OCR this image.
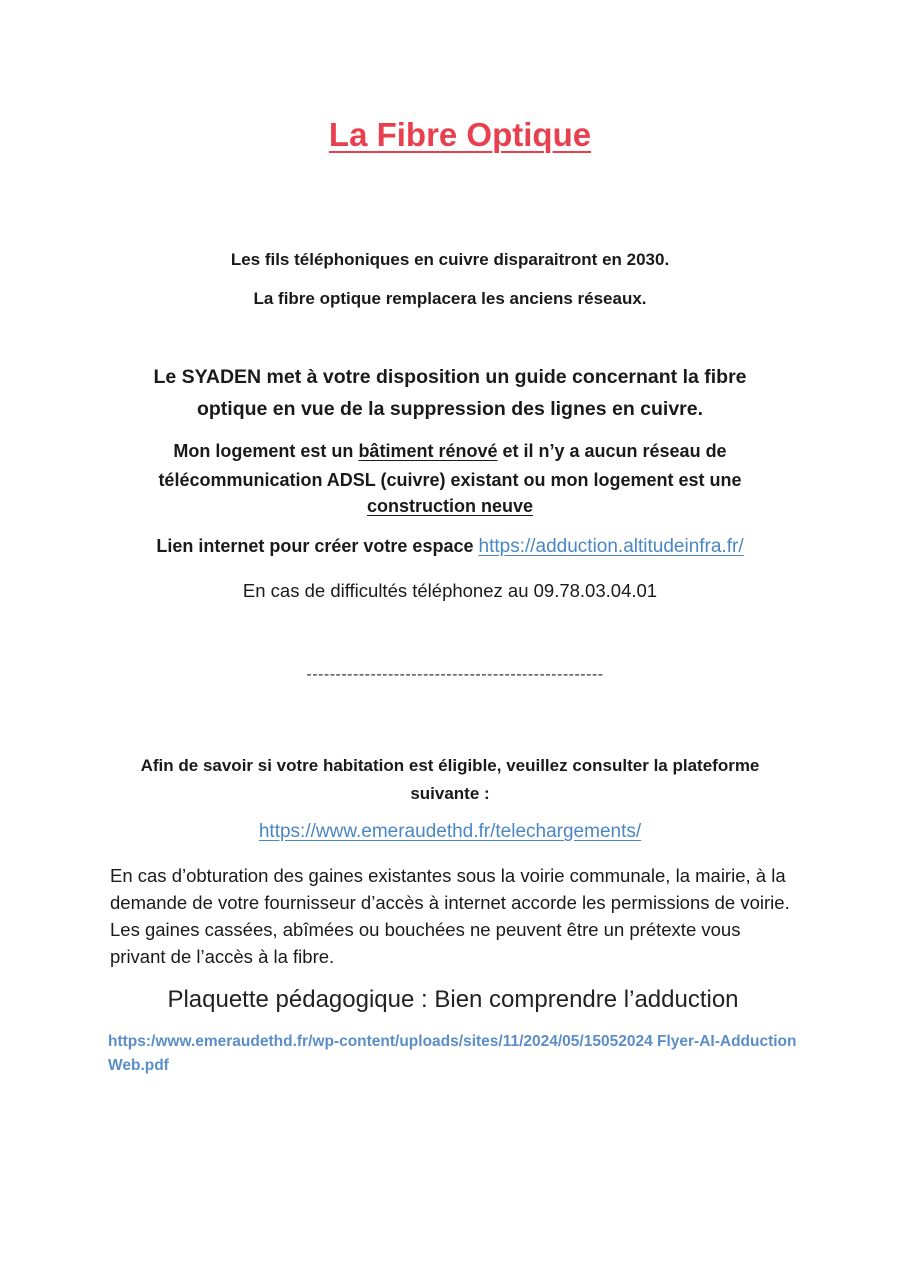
La Fibre Optique
Les fils téléphoniques en cuivre disparaitront en 2030.
La fibre optique remplacera les anciens réseaux.
Le SYADEN met à votre disposition un guide concernant la fibre
optique en vue de la suppression des lignes en cuivre.
Mon logement est un bâtiment rénové et il n’y a aucun réseau de
télécommunication ADSL (cuivre) existant ou mon logement est une
construction neuve
Lien internet pour créer votre espace https://adduction.altitudeinfra.fr/
En cas de difficultés téléphonez au 09.78.03.04.01
---------------------------------------------------
Afin de savoir si votre habitation est éligible, veuillez consulter la plateforme
suivante :
https://www.emeraudethd.fr/telechargements/
En cas d’obturation des gaines existantes sous la voirie communale, la mairie, à la demande de votre fournisseur d’accès à internet accorde les permissions de voirie. Les gaines cassées, abîmées ou bouchées ne peuvent être un prétexte vous privant de l’accès à la fibre.
Plaquette pédagogique : Bien comprendre l’adduction
https:/www.emeraudethd.fr/wp-content/uploads/sites/11/2024/05/15052024 Flyer-AI-Adduction Web.pdf
